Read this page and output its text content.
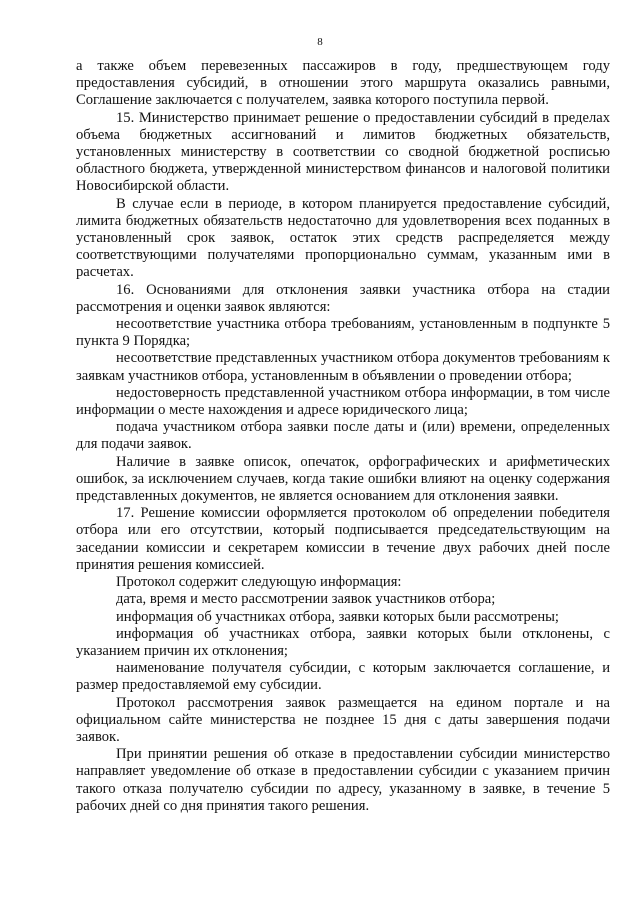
8

а также объем перевезенных пассажиров в году, предшествующем году предоставления субсидий, в отношении этого маршрута оказались равными, Соглашение заключается с получателем, заявка которого поступила первой.

15. Министерство принимает решение о предоставлении субсидий в пределах объема бюджетных ассигнований и лимитов бюджетных обязательств, установленных министерству в соответствии со сводной бюджетной росписью областного бюджета, утвержденной министерством финансов и налоговой политики Новосибирской области.

В случае если в периоде, в котором планируется предоставление субсидий, лимита бюджетных обязательств недостаточно для удовлетворения всех поданных в установленный срок заявок, остаток этих средств распределяется между соответствующими получателями пропорционально суммам, указанным ими в расчетах.

16. Основаниями для отклонения заявки участника отбора на стадии рассмотрения и оценки заявок являются:

несоответствие участника отбора требованиям, установленным в подпункте 5 пункта 9 Порядка;

несоответствие представленных участником отбора документов требованиям к заявкам участников отбора, установленным в объявлении о проведении отбора;

недостоверность представленной участником отбора информации, в том числе информации о месте нахождения и адресе юридического лица;

подача участником отбора заявки после даты и (или) времени, определенных для подачи заявок.

Наличие в заявке описок, опечаток, орфографических и арифметических ошибок, за исключением случаев, когда такие ошибки влияют на оценку содержания представленных документов, не является основанием для отклонения заявки.

17. Решение комиссии оформляется протоколом об определении победителя отбора или его отсутствии, который подписывается председательствующим на заседании комиссии и секретарем комиссии в течение двух рабочих дней после принятия решения комиссией.

Протокол содержит следующую информация:

дата, время и место рассмотрении заявок участников отбора;

информация об участниках отбора, заявки которых были рассмотрены;

информация об участниках отбора, заявки которых были отклонены, с указанием причин их отклонения;

наименование получателя субсидии, с которым заключается соглашение, и размер предоставляемой ему субсидии.

Протокол рассмотрения заявок размещается на едином портале и на официальном сайте министерства не позднее 15 дня с даты завершения подачи заявок.

При принятии решения об отказе в предоставлении субсидии министерство направляет уведомление об отказе в предоставлении субсидии с указанием причин такого отказа получателю субсидии по адресу, указанному в заявке, в течение 5 рабочих дней со дня принятия такого решения.
